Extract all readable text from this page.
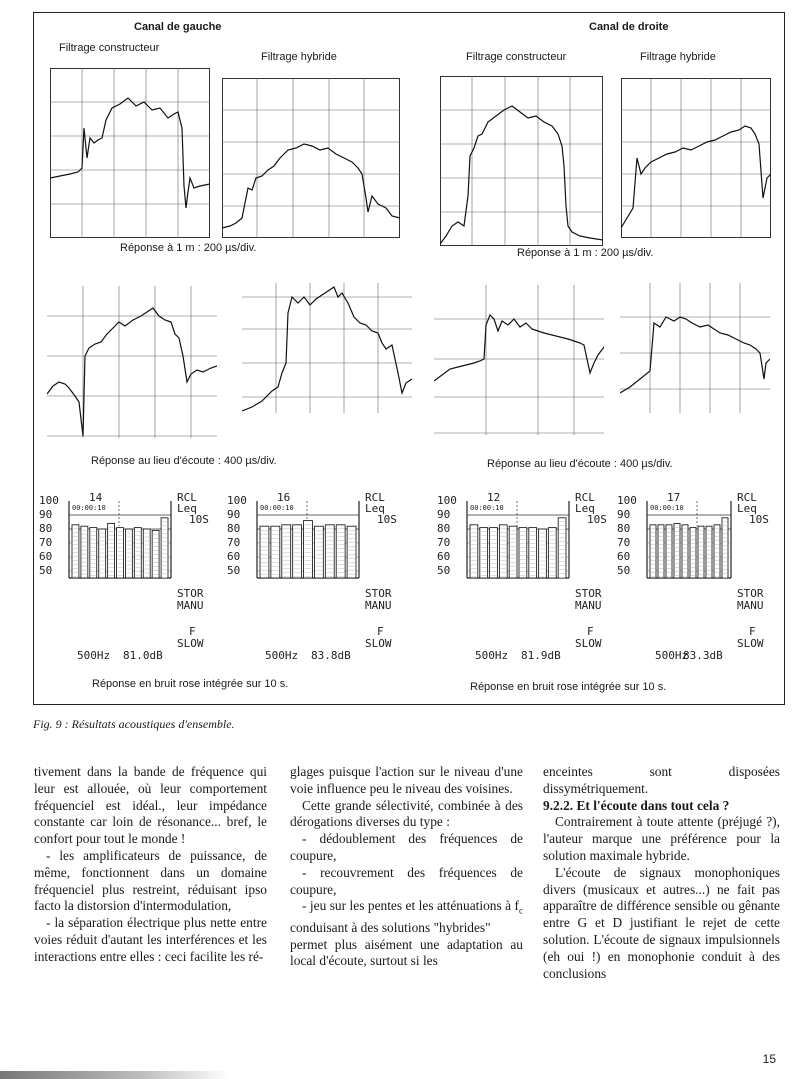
Canal de gauche	Canal de droite
Filtrage constructeur
Filtrage hybride	Filtrage constructeur	Filtrage hybride
Réponse à 1 m : 200 µs/div.	Réponse à 1 m : 200 µs/div.
Réponse au lieu d'écoute : 400 µs/div.	Réponse au lieu d'écoute : 400 µs/div.
100
90
80
70
60
50
14
00:00:10
RCL
Leq
10S
STOR
MANU
F
SLOW
500Hz 81.0dB
100
90
80
70
60
50
16
00:00:10
RCL
Leq
10S
STOR
MANU
F
SLOW
500Hz 83.8dB
100
90
80
70
60
50
12
00:00:10
RCL
Leq
10S
STOR
MANU
F
SLOW
500Hz 81.9dB
100
90
80
70
60
50
17
00:00:10
RCL
Leq
10S
STOR
MANU
F
SLOW
500Hz
83.3dB
Réponse en bruit rose intégrée sur 10 s.	Réponse en bruit rose intégrée sur 10 s.
Fig. 9 : Résultats acoustiques d'ensemble.

tivement dans la bande de fréquence qui leur est allouée, où leur comportement fréquenciel est idéal., leur impédance constante car loin de résonance... bref, le confort pour tout le monde !

- les amplificateurs de puissance, de même, fonctionnent dans un domaine fréquenciel plus restreint, réduisant ipso facto la distorsion d'intermodulation,

- la séparation électrique plus nette entre voies réduit d'autant les interférences et les interactions entre elles : ceci facilite les ré-

glages puisque l'action sur le niveau d'une voie influence peu le niveau des voisines.

Cette grande sélectivité, combinée à des dérogations diverses du type :

- dédoublement des fréquences de coupure,

- recouvrement des fréquences de coupure,

- jeu sur les pentes et les atténuations à $f_c$ conduisant à des solutions "hybrides"

permet plus aisément une adaptation au local d'écoute, surtout si les

enceintes sont disposées dissymétriquement.

9.2.2. Et l'écoute dans tout cela ?

Contrairement à toute attente (préjugé ?), l'auteur marque une préférence pour la solution maximale hybride.

L'écoute de signaux monophoniques divers (musicaux et autres...) ne fait pas apparaître de différence sensible ou gênante entre G et D justifiant le rejet de cette solution. L'écoute de signaux impulsionnels (eh oui !) en monophonie conduit à des conclusions

15
